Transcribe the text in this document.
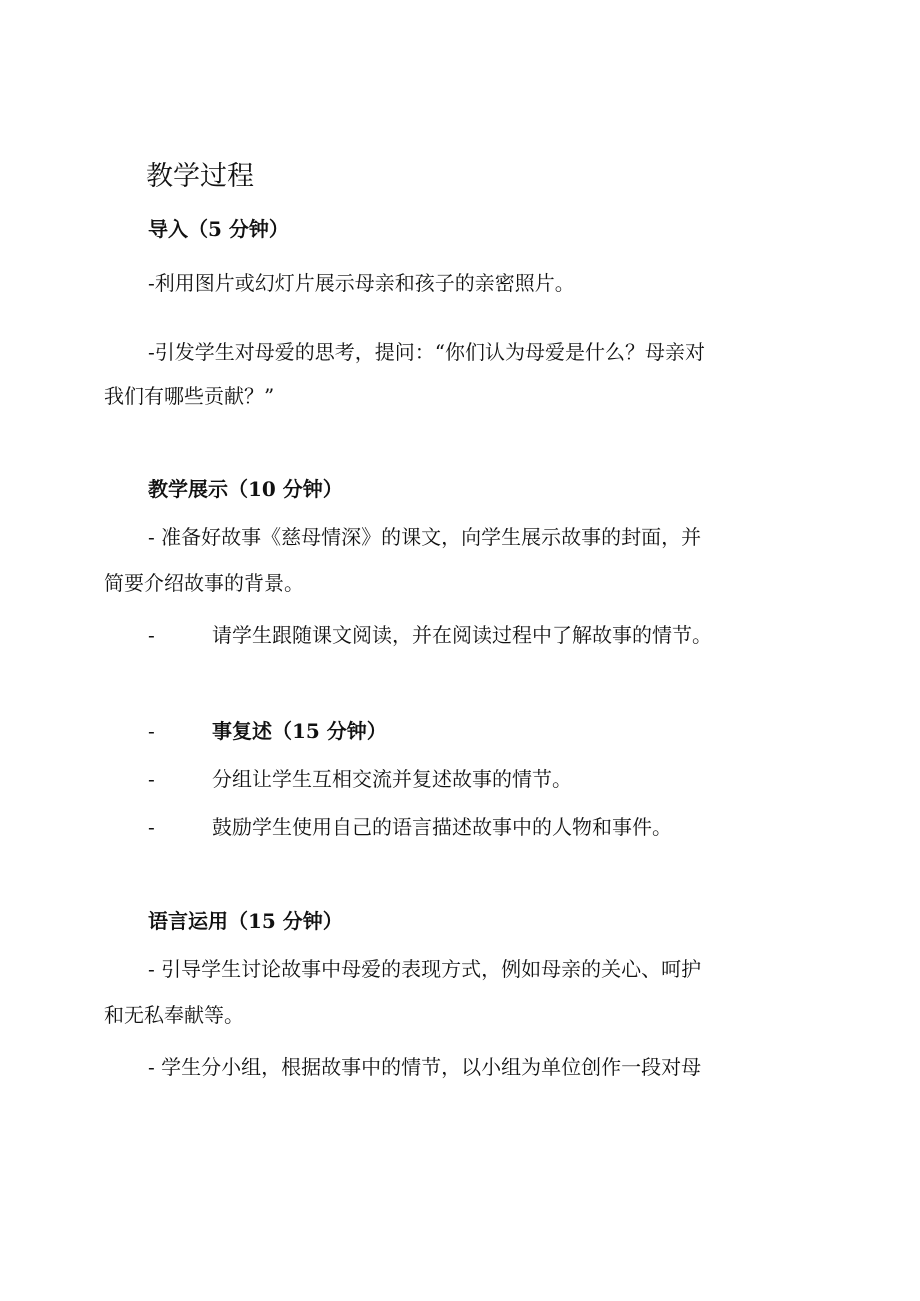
教学过程
导入（5 分钟）
-利用图片或幻灯片展示母亲和孩子的亲密照片。
-引发学生对母爱的思考，提问：“你们认为母爱是什么？母亲对
我们有哪些贡献？”
教学展示（10 分钟）
- 准备好故事《慈母情深》的课文，向学生展示故事的封面，并
简要介绍故事的背景。
-	请学生跟随课文阅读，并在阅读过程中了解故事的情节。
-	事复述（15 分钟）
-	分组让学生互相交流并复述故事的情节。
-	鼓励学生使用自己的语言描述故事中的人物和事件。
语言运用（15 分钟）
- 引导学生讨论故事中母爱的表现方式，例如母亲的关心、呵护
和无私奉献等。
- 学生分小组，根据故事中的情节，以小组为单位创作一段对母
